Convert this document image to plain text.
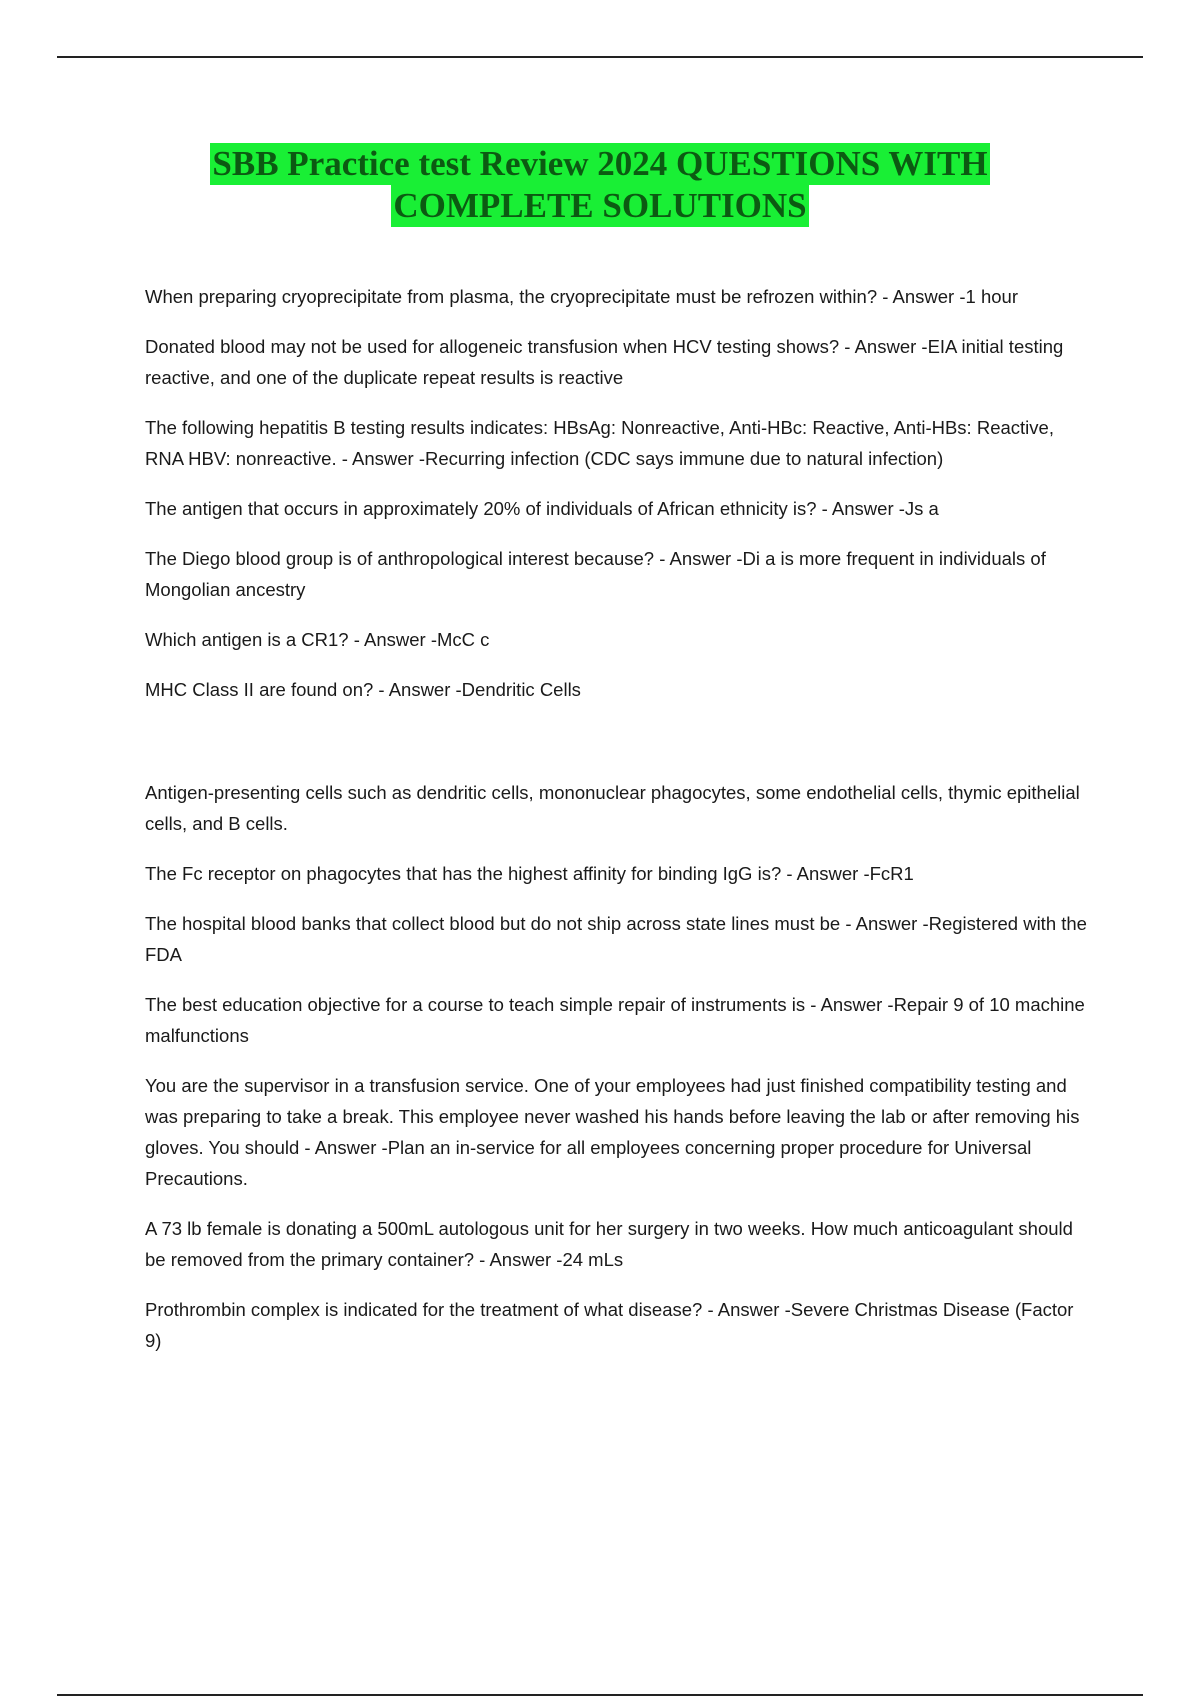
SBB Practice test Review 2024 QUESTIONS WITH
COMPLETE SOLUTIONS

When preparing cryoprecipitate from plasma, the cryoprecipitate must be refrozen within? - Answer -1 hour

Donated blood may not be used for allogeneic transfusion when HCV testing shows? - Answer -EIA initial testing reactive, and one of the duplicate repeat results is reactive

The following hepatitis B testing results indicates: HBsAg: Nonreactive, Anti-HBc: Reactive, Anti-HBs: Reactive, RNA HBV: nonreactive. - Answer -Recurring infection (CDC says immune due to natural infection)

The antigen that occurs in approximately 20% of individuals of African ethnicity is? - Answer -Js a

The Diego blood group is of anthropological interest because? - Answer -Di a is more frequent in individuals of Mongolian ancestry

Which antigen is a CR1? - Answer -McC c

MHC Class II are found on? - Answer -Dendritic Cells

Antigen-presenting cells such as dendritic cells, mononuclear phagocytes, some endothelial cells, thymic epithelial cells, and B cells.

The Fc receptor on phagocytes that has the highest affinity for binding IgG is? - Answer -FcR1

The hospital blood banks that collect blood but do not ship across state lines must be - Answer -Registered with the FDA

The best education objective for a course to teach simple repair of instruments is - Answer -Repair 9 of 10 machine malfunctions

You are the supervisor in a transfusion service. One of your employees had just finished compatibility testing and was preparing to take a break. This employee never washed his hands before leaving the lab or after removing his gloves. You should - Answer -Plan an in-service for all employees concerning proper procedure for Universal Precautions.

A 73 lb female is donating a 500mL autologous unit for her surgery in two weeks. How much anticoagulant should be removed from the primary container? - Answer -24 mLs

Prothrombin complex is indicated for the treatment of what disease? - Answer -Severe Christmas Disease (Factor 9)
